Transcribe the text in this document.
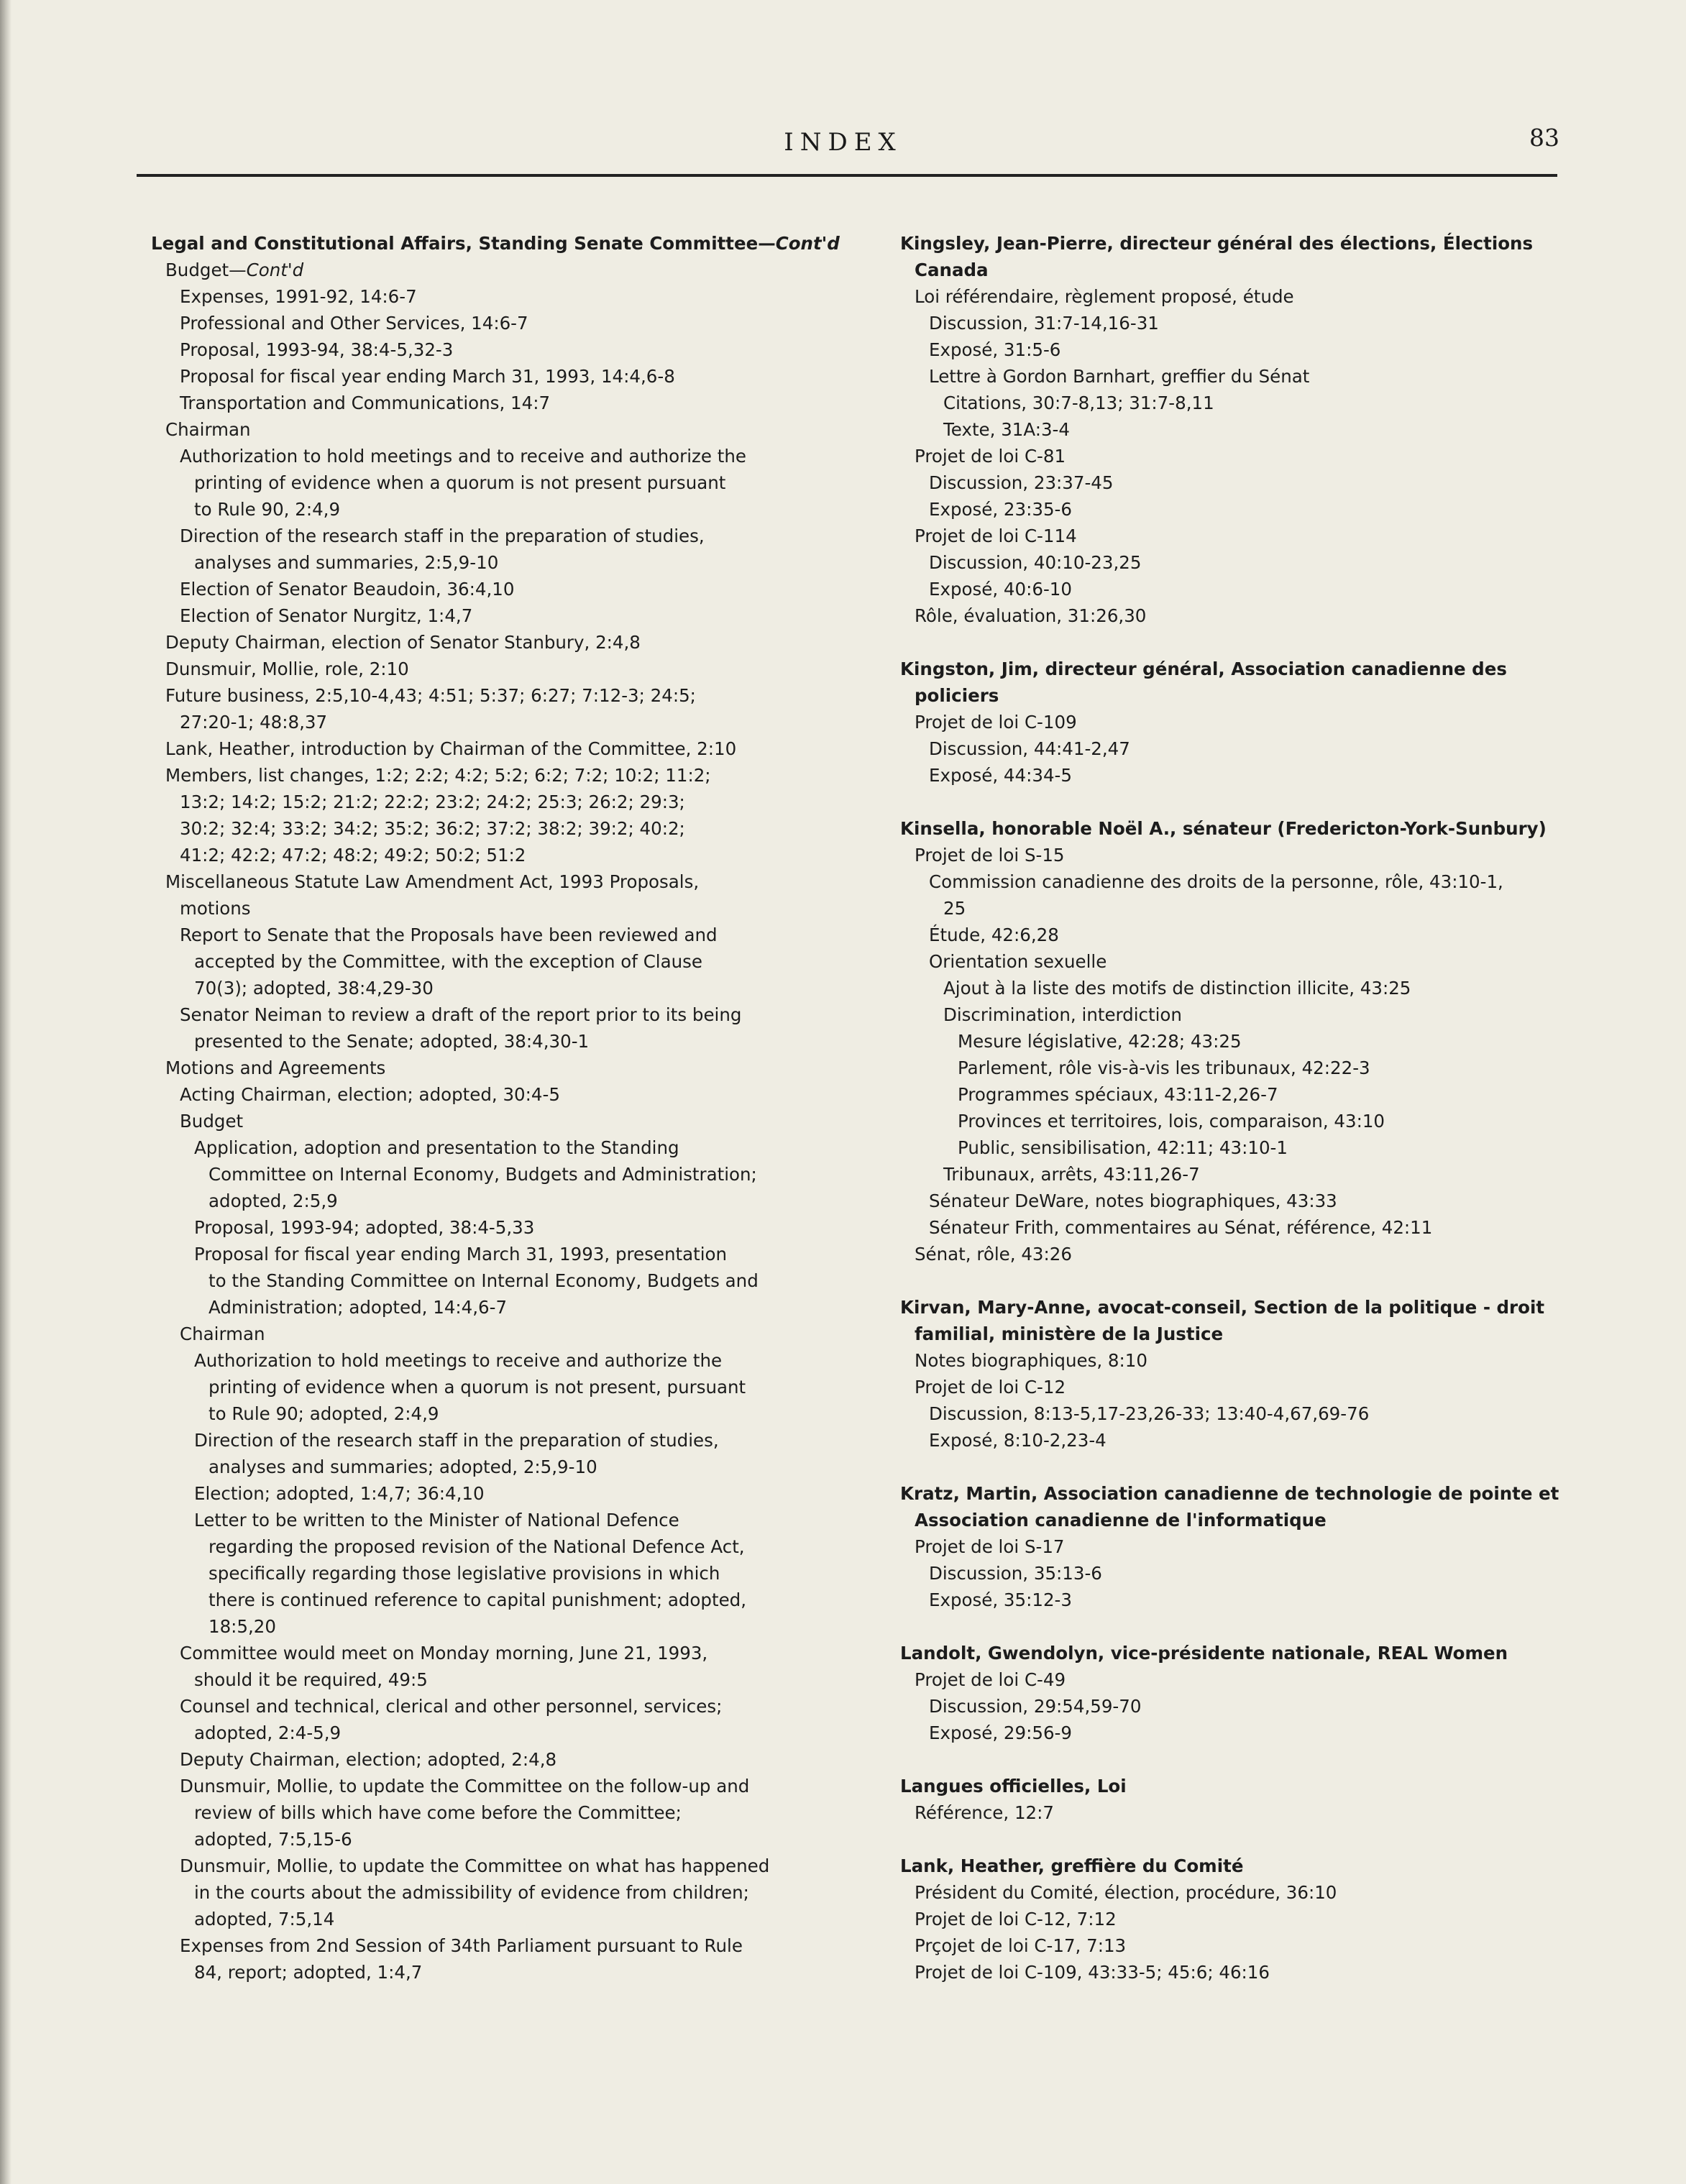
INDEX	83
Legal and Constitutional Affairs, Standing Senate Committee—Cont'd
Budget—Cont'd
Expenses, 1991-92, 14:6-7
Professional and Other Services, 14:6-7
Proposal, 1993-94, 38:4-5,32-3
Proposal for fiscal year ending March 31, 1993, 14:4,6-8
Transportation and Communications, 14:7
Chairman
Authorization to hold meetings and to receive and authorize the
printing of evidence when a quorum is not present pursuant
to Rule 90, 2:4,9
Direction of the research staff in the preparation of studies,
analyses and summaries, 2:5,9-10
Election of Senator Beaudoin, 36:4,10
Election of Senator Nurgitz, 1:4,7
Deputy Chairman, election of Senator Stanbury, 2:4,8
Dunsmuir, Mollie, role, 2:10
Future business, 2:5,10-4,43; 4:51; 5:37; 6:27; 7:12-3; 24:5;
27:20-1; 48:8,37
Lank, Heather, introduction by Chairman of the Committee, 2:10
Members, list changes, 1:2; 2:2; 4:2; 5:2; 6:2; 7:2; 10:2; 11:2;
13:2; 14:2; 15:2; 21:2; 22:2; 23:2; 24:2; 25:3; 26:2; 29:3;
30:2; 32:4; 33:2; 34:2; 35:2; 36:2; 37:2; 38:2; 39:2; 40:2;
41:2; 42:2; 47:2; 48:2; 49:2; 50:2; 51:2
Miscellaneous Statute Law Amendment Act, 1993 Proposals,
motions
Report to Senate that the Proposals have been reviewed and
accepted by the Committee, with the exception of Clause
70(3); adopted, 38:4,29-30
Senator Neiman to review a draft of the report prior to its being
presented to the Senate; adopted, 38:4,30-1
Motions and Agreements
Acting Chairman, election; adopted, 30:4-5
Budget
Application, adoption and presentation to the Standing
Committee on Internal Economy, Budgets and Administration;
adopted, 2:5,9
Proposal, 1993-94; adopted, 38:4-5,33
Proposal for fiscal year ending March 31, 1993, presentation
to the Standing Committee on Internal Economy, Budgets and
Administration; adopted, 14:4,6-7
Chairman
Authorization to hold meetings to receive and authorize the
printing of evidence when a quorum is not present, pursuant
to Rule 90; adopted, 2:4,9
Direction of the research staff in the preparation of studies,
analyses and summaries; adopted, 2:5,9-10
Election; adopted, 1:4,7; 36:4,10
Letter to be written to the Minister of National Defence
regarding the proposed revision of the National Defence Act,
specifically regarding those legislative provisions in which
there is continued reference to capital punishment; adopted,
18:5,20
Committee would meet on Monday morning, June 21, 1993,
should it be required, 49:5
Counsel and technical, clerical and other personnel, services;
adopted, 2:4-5,9
Deputy Chairman, election; adopted, 2:4,8
Dunsmuir, Mollie, to update the Committee on the follow-up and
review of bills which have come before the Committee;
adopted, 7:5,15-6
Dunsmuir, Mollie, to update the Committee on what has happened
in the courts about the admissibility of evidence from children;
adopted, 7:5,14
Expenses from 2nd Session of 34th Parliament pursuant to Rule
84, report; adopted, 1:4,7
Kingsley, Jean-Pierre, directeur général des élections, Élections
Canada
Loi référendaire, règlement proposé, étude
Discussion, 31:7-14,16-31
Exposé, 31:5-6
Lettre à Gordon Barnhart, greffier du Sénat
Citations, 30:7-8,13; 31:7-8,11
Texte, 31A:3-4
Projet de loi C-81
Discussion, 23:37-45
Exposé, 23:35-6
Projet de loi C-114
Discussion, 40:10-23,25
Exposé, 40:6-10
Rôle, évaluation, 31:26,30
Kingston, Jim, directeur général, Association canadienne des
policiers
Projet de loi C-109
Discussion, 44:41-2,47
Exposé, 44:34-5
Kinsella, honorable Noël A., sénateur (Fredericton-York-Sunbury)
Projet de loi S-15
Commission canadienne des droits de la personne, rôle, 43:10-1,
25
Étude, 42:6,28
Orientation sexuelle
Ajout à la liste des motifs de distinction illicite, 43:25
Discrimination, interdiction
Mesure législative, 42:28; 43:25
Parlement, rôle vis-à-vis les tribunaux, 42:22-3
Programmes spéciaux, 43:11-2,26-7
Provinces et territoires, lois, comparaison, 43:10
Public, sensibilisation, 42:11; 43:10-1
Tribunaux, arrêts, 43:11,26-7
Sénateur DeWare, notes biographiques, 43:33
Sénateur Frith, commentaires au Sénat, référence, 42:11
Sénat, rôle, 43:26
Kirvan, Mary-Anne, avocat-conseil, Section de la politique - droit
familial, ministère de la Justice
Notes biographiques, 8:10
Projet de loi C-12
Discussion, 8:13-5,17-23,26-33; 13:40-4,67,69-76
Exposé, 8:10-2,23-4
Kratz, Martin, Association canadienne de technologie de pointe et
Association canadienne de l'informatique
Projet de loi S-17
Discussion, 35:13-6
Exposé, 35:12-3
Landolt, Gwendolyn, vice-présidente nationale, REAL Women
Projet de loi C-49
Discussion, 29:54,59-70
Exposé, 29:56-9
Langues officielles, Loi
Référence, 12:7
Lank, Heather, greffière du Comité
Président du Comité, élection, procédure, 36:10
Projet de loi C-12, 7:12
Prçojet de loi C-17, 7:13
Projet de loi C-109, 43:33-5; 45:6; 46:16
